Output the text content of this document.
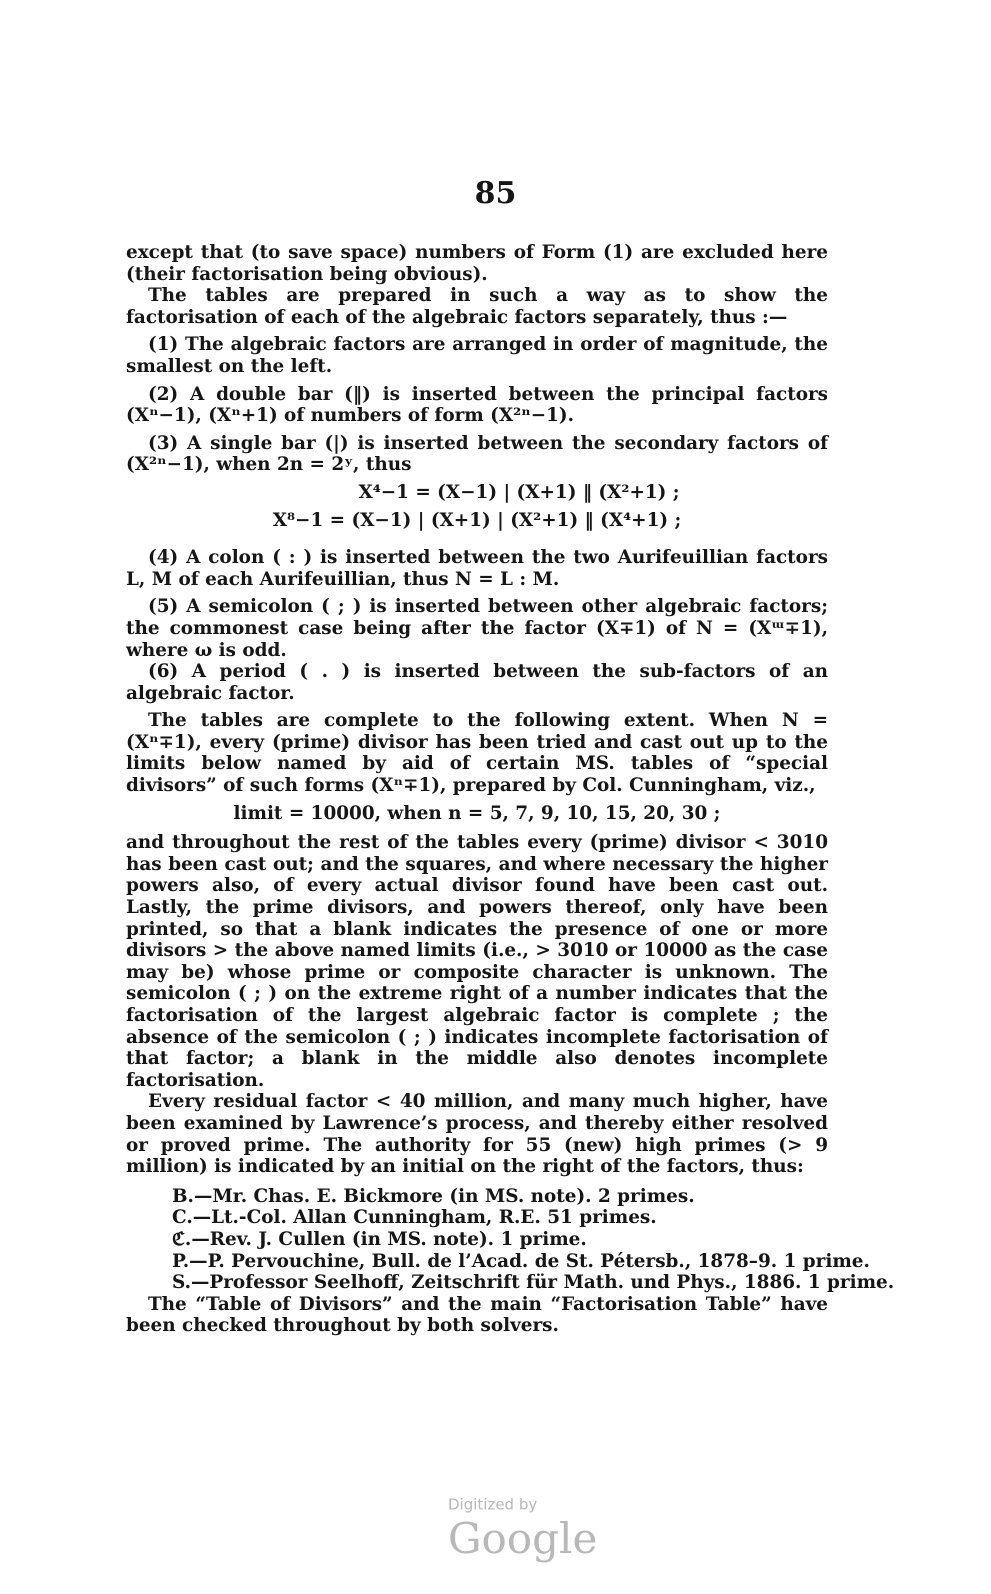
85

except that (to save space) numbers of Form (1) are excluded here (their factorisation being obvious).

The tables are prepared in such a way as to show the factorisation of each of the algebraic factors separately, thus :—

(1) The algebraic factors are arranged in order of magnitude, the smallest on the left.

(2) A double bar (‖) is inserted between the principal factors (Xⁿ−1), (Xⁿ+1) of numbers of form (X²ⁿ−1).

(3) A single bar (|) is inserted between the secondary factors of (X²ⁿ−1), when 2n = 2ʸ, thus

X⁴−1 = (X−1) | (X+1) ‖ (X²+1) ;

X⁸−1 = (X−1) | (X+1) | (X²+1) ‖ (X⁴+1) ;

(4) A colon ( : ) is inserted between the two Aurifeuillian factors L, M of each Aurifeuillian, thus N = L : M.

(5) A semicolon ( ; ) is inserted between other algebraic factors; the commonest case being after the factor (X∓1) of N = (Xᵚ∓1), where ω is odd.

(6) A period ( . ) is inserted between the sub-factors of an algebraic factor.

The tables are complete to the following extent. When N = (Xⁿ∓1), every (prime) divisor has been tried and cast out up to the limits below named by aid of certain MS. tables of “special divisors” of such forms (Xⁿ∓1), prepared by Col. Cunningham, viz.,

limit = 10000, when n = 5, 7, 9, 10, 15, 20, 30 ;

and throughout the rest of the tables every (prime) divisor < 3010 has been cast out; and the squares, and where necessary the higher powers also, of every actual divisor found have been cast out. Lastly, the prime divisors, and powers thereof, only have been printed, so that a blank indicates the presence of one or more divisors > the above named limits (i.e., > 3010 or 10000 as the case may be) whose prime or composite character is unknown. The semicolon ( ; ) on the extreme right of a number indicates that the factorisation of the largest algebraic factor is complete ; the absence of the semicolon ( ; ) indicates incomplete factorisation of that factor; a blank in the middle also denotes incomplete factorisation.

Every residual factor < 40 million, and many much higher, have been examined by Lawrence’s process, and thereby either resolved or proved prime. The authority for 55 (new) high primes (> 9 million) is indicated by an initial on the right of the factors, thus:

B.—Mr. Chas. E. Bickmore (in MS. note). 2 primes.
C.—Lt.-Col. Allan Cunningham, R.E. 51 primes.
ℭ.—Rev. J. Cullen (in MS. note). 1 prime.
P.—P. Pervouchine, Bull. de l’Acad. de St. Pétersb., 1878–9. 1 prime.
S.—Professor Seelhoff, Zeitschrift für Math. und Phys., 1886. 1 prime.

The “Table of Divisors” and the main “Factorisation Table” have been checked throughout by both solvers.

Digitized by Google
